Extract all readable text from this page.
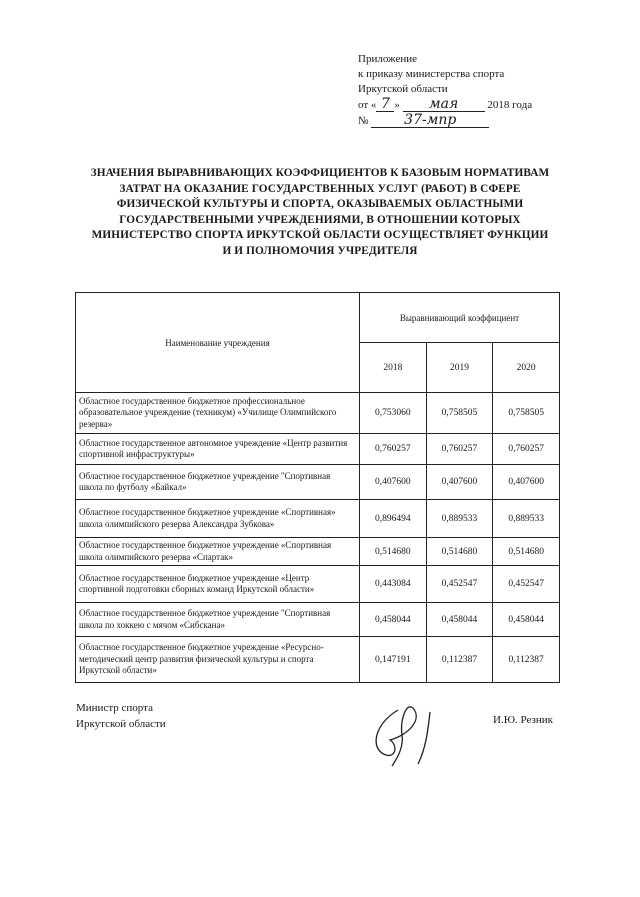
Приложение
к приказу министерства спорта
Иркутской области
от « 7 » мая	2018 года
№	37-мпр
ЗНАЧЕНИЯ ВЫРАВНИВАЮЩИХ КОЭФФИЦИЕНТОВ К БАЗОВЫМ НОРМАТИВАМ
ЗАТРАТ НА ОКАЗАНИЕ ГОСУДАРСТВЕННЫХ УСЛУГ (РАБОТ) В СФЕРЕ
ФИЗИЧЕСКОЙ КУЛЬТУРЫ И СПОРТА, ОКАЗЫВАЕМЫХ ОБЛАСТНЫМИ
ГОСУДАРСТВЕННЫМИ УЧРЕЖДЕНИЯМИ, В ОТНОШЕНИИ КОТОРЫХ
МИНИСТЕРСТВО СПОРТА ИРКУТСКОЙ ОБЛАСТИ ОСУЩЕСТВЛЯЕТ ФУНКЦИИ
И И ПОЛНОМОЧИЯ УЧРЕДИТЕЛЯ
Наименование учреждения	Выравнивающий коэффициент		
	2018	2019	2020
Областное государственное бюджетное профессиональное образовательное учреждение (техникум) «Училище Олимпийского резерва»	0,753060	0,758505	0,758505
Областное государственное автономное учреждение «Центр развития спортивной инфраструктуры»	0,760257	0,760257	0,760257
Областное государственное бюджетное учреждение "Спортивная школа по футболу «Байкал»	0,407600	0,407600	0,407600
Областное государственное бюджетное учреждение «Спортивная» школа олимпийского резерва Александра Зубкова»	0,896494	0,889533	0,889533
Областное государственное бюджетное учреждение «Спортивная школа олимпийского резерва «Спартак»	0,514680	0,514680	0,514680
Областное государственное бюджетное учреждение «Центр спортивной подготовки сборных команд Иркутской области»	0,443084	0,452547	0,452547
Областное государственное бюджетное учреждение "Спортивная школа по хоккею с мячом «Сибскана»	0,458044	0,458044	0,458044
Областное государственное бюджетное учреждение «Ресурсно-методический центр развития физической культуры и спорта Иркутской области»	0,147191	0,112387	0,112387
Министр спорта
Иркутской области	И.Ю. Резник
